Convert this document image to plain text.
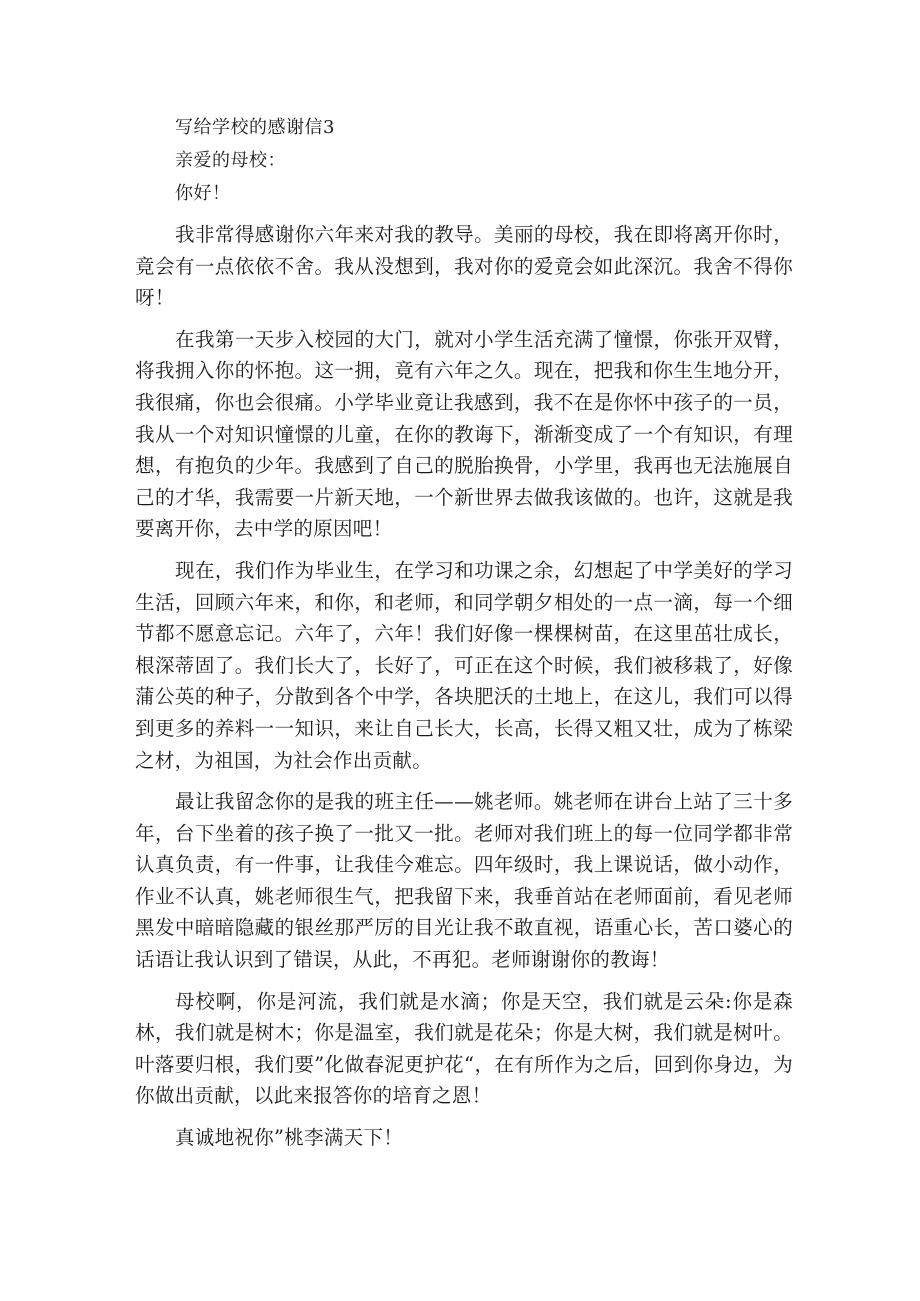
写给学校的感谢信3

亲爱的母校：

你好！

我非常得感谢你六年来对我的教导。美丽的母校，我在即将离开你时，竟会有一点依依不舍。我从没想到，我对你的爱竟会如此深沉。我舍不得你呀！

在我第一天步入校园的大门，就对小学生活充满了憧憬，你张开双臂，将我拥入你的怀抱。这一拥，竟有六年之久。现在，把我和你生生地分开，我很痛，你也会很痛。小学毕业竟让我感到，我不在是你怀中孩子的一员，我从一个对知识憧憬的儿童，在你的教诲下，渐渐变成了一个有知识，有理想，有抱负的少年。我感到了自己的脱胎换骨，小学里，我再也无法施展自己的才华，我需要一片新天地，一个新世界去做我该做的。也许，这就是我要离开你，去中学的原因吧！

现在，我们作为毕业生，在学习和功课之余，幻想起了中学美好的学习生活，回顾六年来，和你，和老师，和同学朝夕相处的一点一滴，每一个细节都不愿意忘记。六年了，六年！我们好像一棵棵树苗，在这里茁壮成长，根深蒂固了。我们长大了，长好了，可正在这个时候，我们被移栽了，好像蒲公英的种子，分散到各个中学，各块肥沃的土地上，在这儿，我们可以得到更多的养料一一知识，来让自己长大，长高，长得又粗又壮，成为了栋梁之材，为祖国，为社会作出贡献。

最让我留念你的是我的班主任——姚老师。姚老师在讲台上站了三十多年，台下坐着的孩子换了一批又一批。老师对我们班上的每一位同学都非常认真负责，有一件事，让我佳今难忘。四年级时，我上课说话，做小动作，作业不认真，姚老师很生气，把我留下来，我垂首站在老师面前，看见老师黑发中暗暗隐藏的银丝那严厉的目光让我不敢直视，语重心长，苦口婆心的话语让我认识到了错误，从此，不再犯。老师谢谢你的教诲！

母校啊，你是河流，我们就是水滴；你是天空，我们就是云朵:你是森林，我们就是树木；你是温室，我们就是花朵；你是大树，我们就是树叶。叶落要归根，我们要”化做春泥更护花“，在有所作为之后，回到你身边，为你做出贡献，以此来报答你的培育之恩！

真诚地祝你”桃李满天下！
